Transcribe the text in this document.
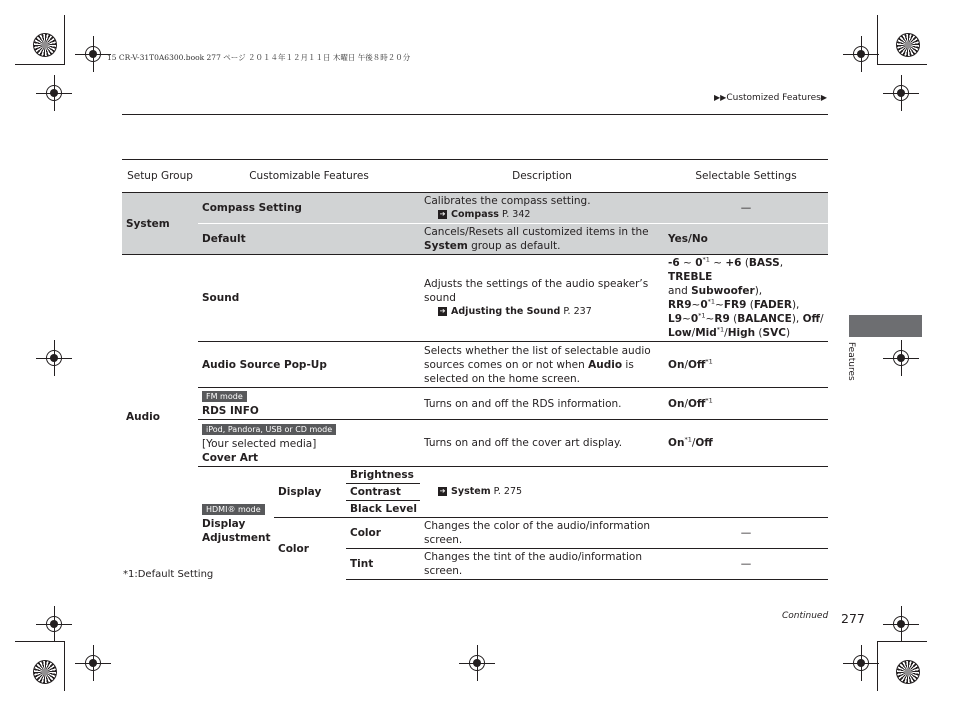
15 CR-V-31T0A6300.book 277 ページ ２０１４年１２月１１日 木曜日 午後８時２０分
▶▶Customized Features▶
Features
Setup Group	Customizable Features			Description	Selectable Settings
System	Compass Setting			Calibrates the compass setting.
➔ Compass P. 342	—
	Default			Cancels/Resets all customized items in the System group as default.	Yes/No
Audio	Sound			Adjusts the settings of the audio speaker’s sound
➔ Adjusting the Sound P. 237	-6 ~ 0$^{*1}$ ~ +6 (BASS, TREBLE
and Subwoofer),
RR9~0$^{*1}$~FR9 (FADER),
L9~0$^{*1}$~R9 (BALANCE), Off/
Low/Mid$^{*1}$/High (SVC)
	Audio Source Pop-Up			Selects whether the list of selectable audio sources comes on or not when Audio is selected on the home screen.	On/Off$^{*1}$
	FM mode
RDS INFO			Turns on and off the RDS information.	On/Off$^{*1}$
	iPod, Pandora, USB or CD mode
[Your selected media]
Cover Art			Turns on and off the cover art display.	On$^{*1}$/Off
	HDMI® mode
Display Adjustment	Display	Brightness	➔ System P. 275	

			Contrast		
			Black Level		
		Color	Color	Changes the color of the audio/information screen.	—
			Tint	Changes the tint of the audio/information screen.	—
*1:Default Setting
Continued 277
